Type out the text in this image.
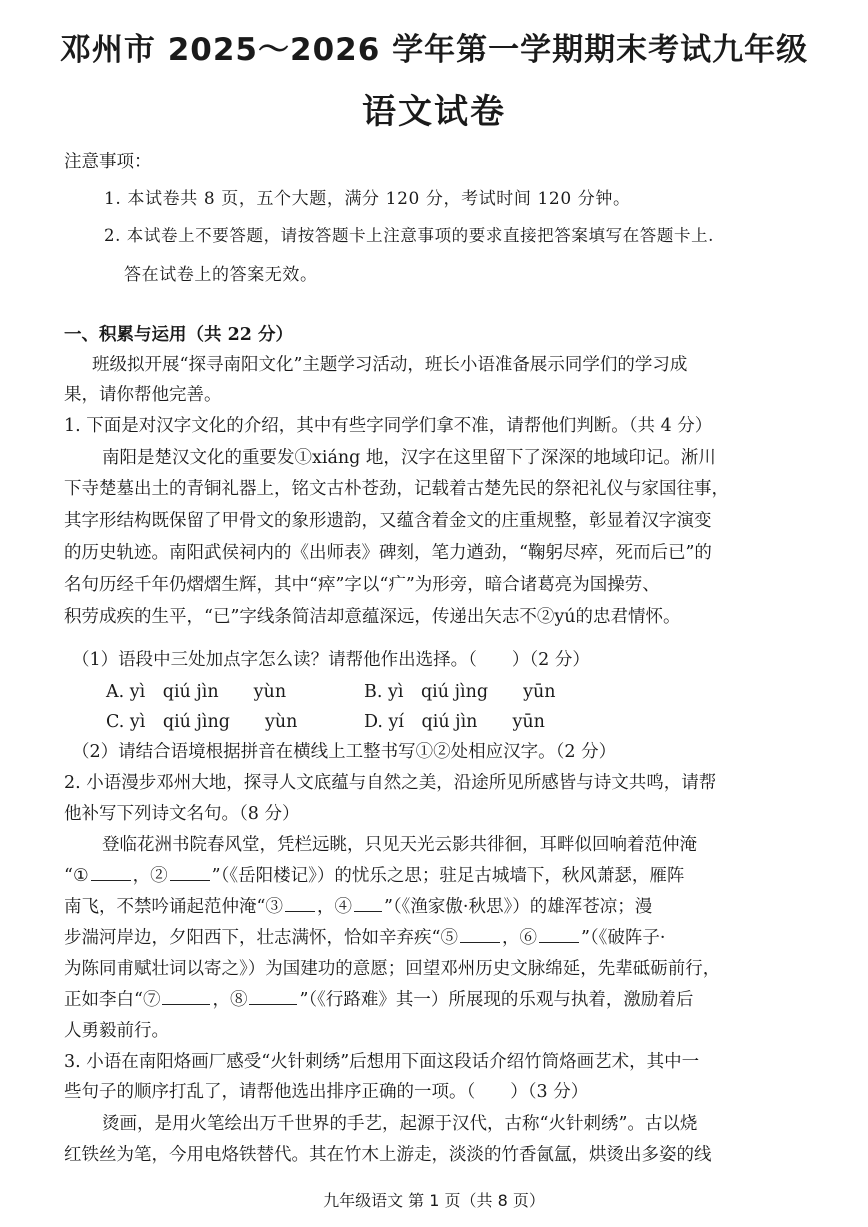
邓州市 2025～2026 学年第一学期期末考试九年级
语文试卷
注意事项：
1. 本试卷共 8 页，五个大题，满分 120 分，考试时间 120 分钟。
2. 本试卷上不要答题，请按答题卡上注意事项的要求直接把答案填写在答题卡上.
答在试卷上的答案无效。
一、积累与运用（共 22 分）
班级拟开展“探寻南阳文化”主题学习活动，班长小语准备展示同学们的学习成
果，请你帮他完善。
1. 下面是对汉字文化的介绍，其中有些字同学们拿不准，请帮他们判断。（共 4 分）
南阳是楚汉文化的重要发①xiáng 地，汉字在这里留下了深深的地域印记。淅川
下寺楚墓出土的青铜礼器上，铭文古朴苍劲，记载着古楚先民的祭祀礼仪与家国往事，
其字形结构既保留了甲骨文的象形遗韵，又蕴含着金文的庄重规整，彰显着汉字演变
的历史轨迹。南阳武侯祠内的《出师表》碑刻，笔力遒劲，“鞠躬尽瘁，死而后已”的
名句历经千年仍熠熠生辉，其中“瘁”字以“疒”为形旁，暗合诸葛亮为国操劳、
积劳成疾的生平，“已”字线条简洁却意蕴深远，传递出矢志不②yú的忠君情怀。
（1）语段中三处加点字怎么读？请帮他作出选择。（　　）（2 分）
A. yì　qiú jìn　　yùn	B. yì　qiú jìng　　yūn
C. yì　qiú jìng　　yùn	D. yí　qiú jìn　　yūn
（2）请结合语境根据拼音在横线上工整书写①②处相应汉字。（2 分）
2. 小语漫步邓州大地，探寻人文底蕴与自然之美，沿途所见所感皆与诗文共鸣，请帮
他补写下列诗文名句。（8 分）
登临花洲书院春风堂，凭栏远眺，只见天光云影共徘徊，耳畔似回响着范仲淹
“①	，②	”（《岳阳楼记》）的忧乐之思；驻足古城墙下，秋风萧瑟，雁阵
南飞，不禁吟诵起范仲淹“③ ，④ ”（《渔家傲·秋思》）的雄浑苍凉；漫
步湍河岸边，夕阳西下，壮志满怀，恰如辛弃疾“⑤	，⑥	”（《破阵子·
为陈同甫赋壮词以寄之》）为国建功的意愿；回望邓州历史文脉绵延，先辈砥砺前行，
正如李白“⑦	，⑧	”（《行路难》其一）所展现的乐观与执着，激励着后
人勇毅前行。
3. 小语在南阳烙画厂感受“火针刺绣”后想用下面这段话介绍竹筒烙画艺术，其中一
些句子的顺序打乱了，请帮他选出排序正确的一项。（　　）（3 分）
烫画，是用火笔绘出万千世界的手艺，起源于汉代，古称“火针刺绣”。古以烧
红铁丝为笔，今用电烙铁替代。其在竹木上游走，淡淡的竹香氤氲，烘烫出多姿的线
九年级语文 第 1 页（共 8 页）
